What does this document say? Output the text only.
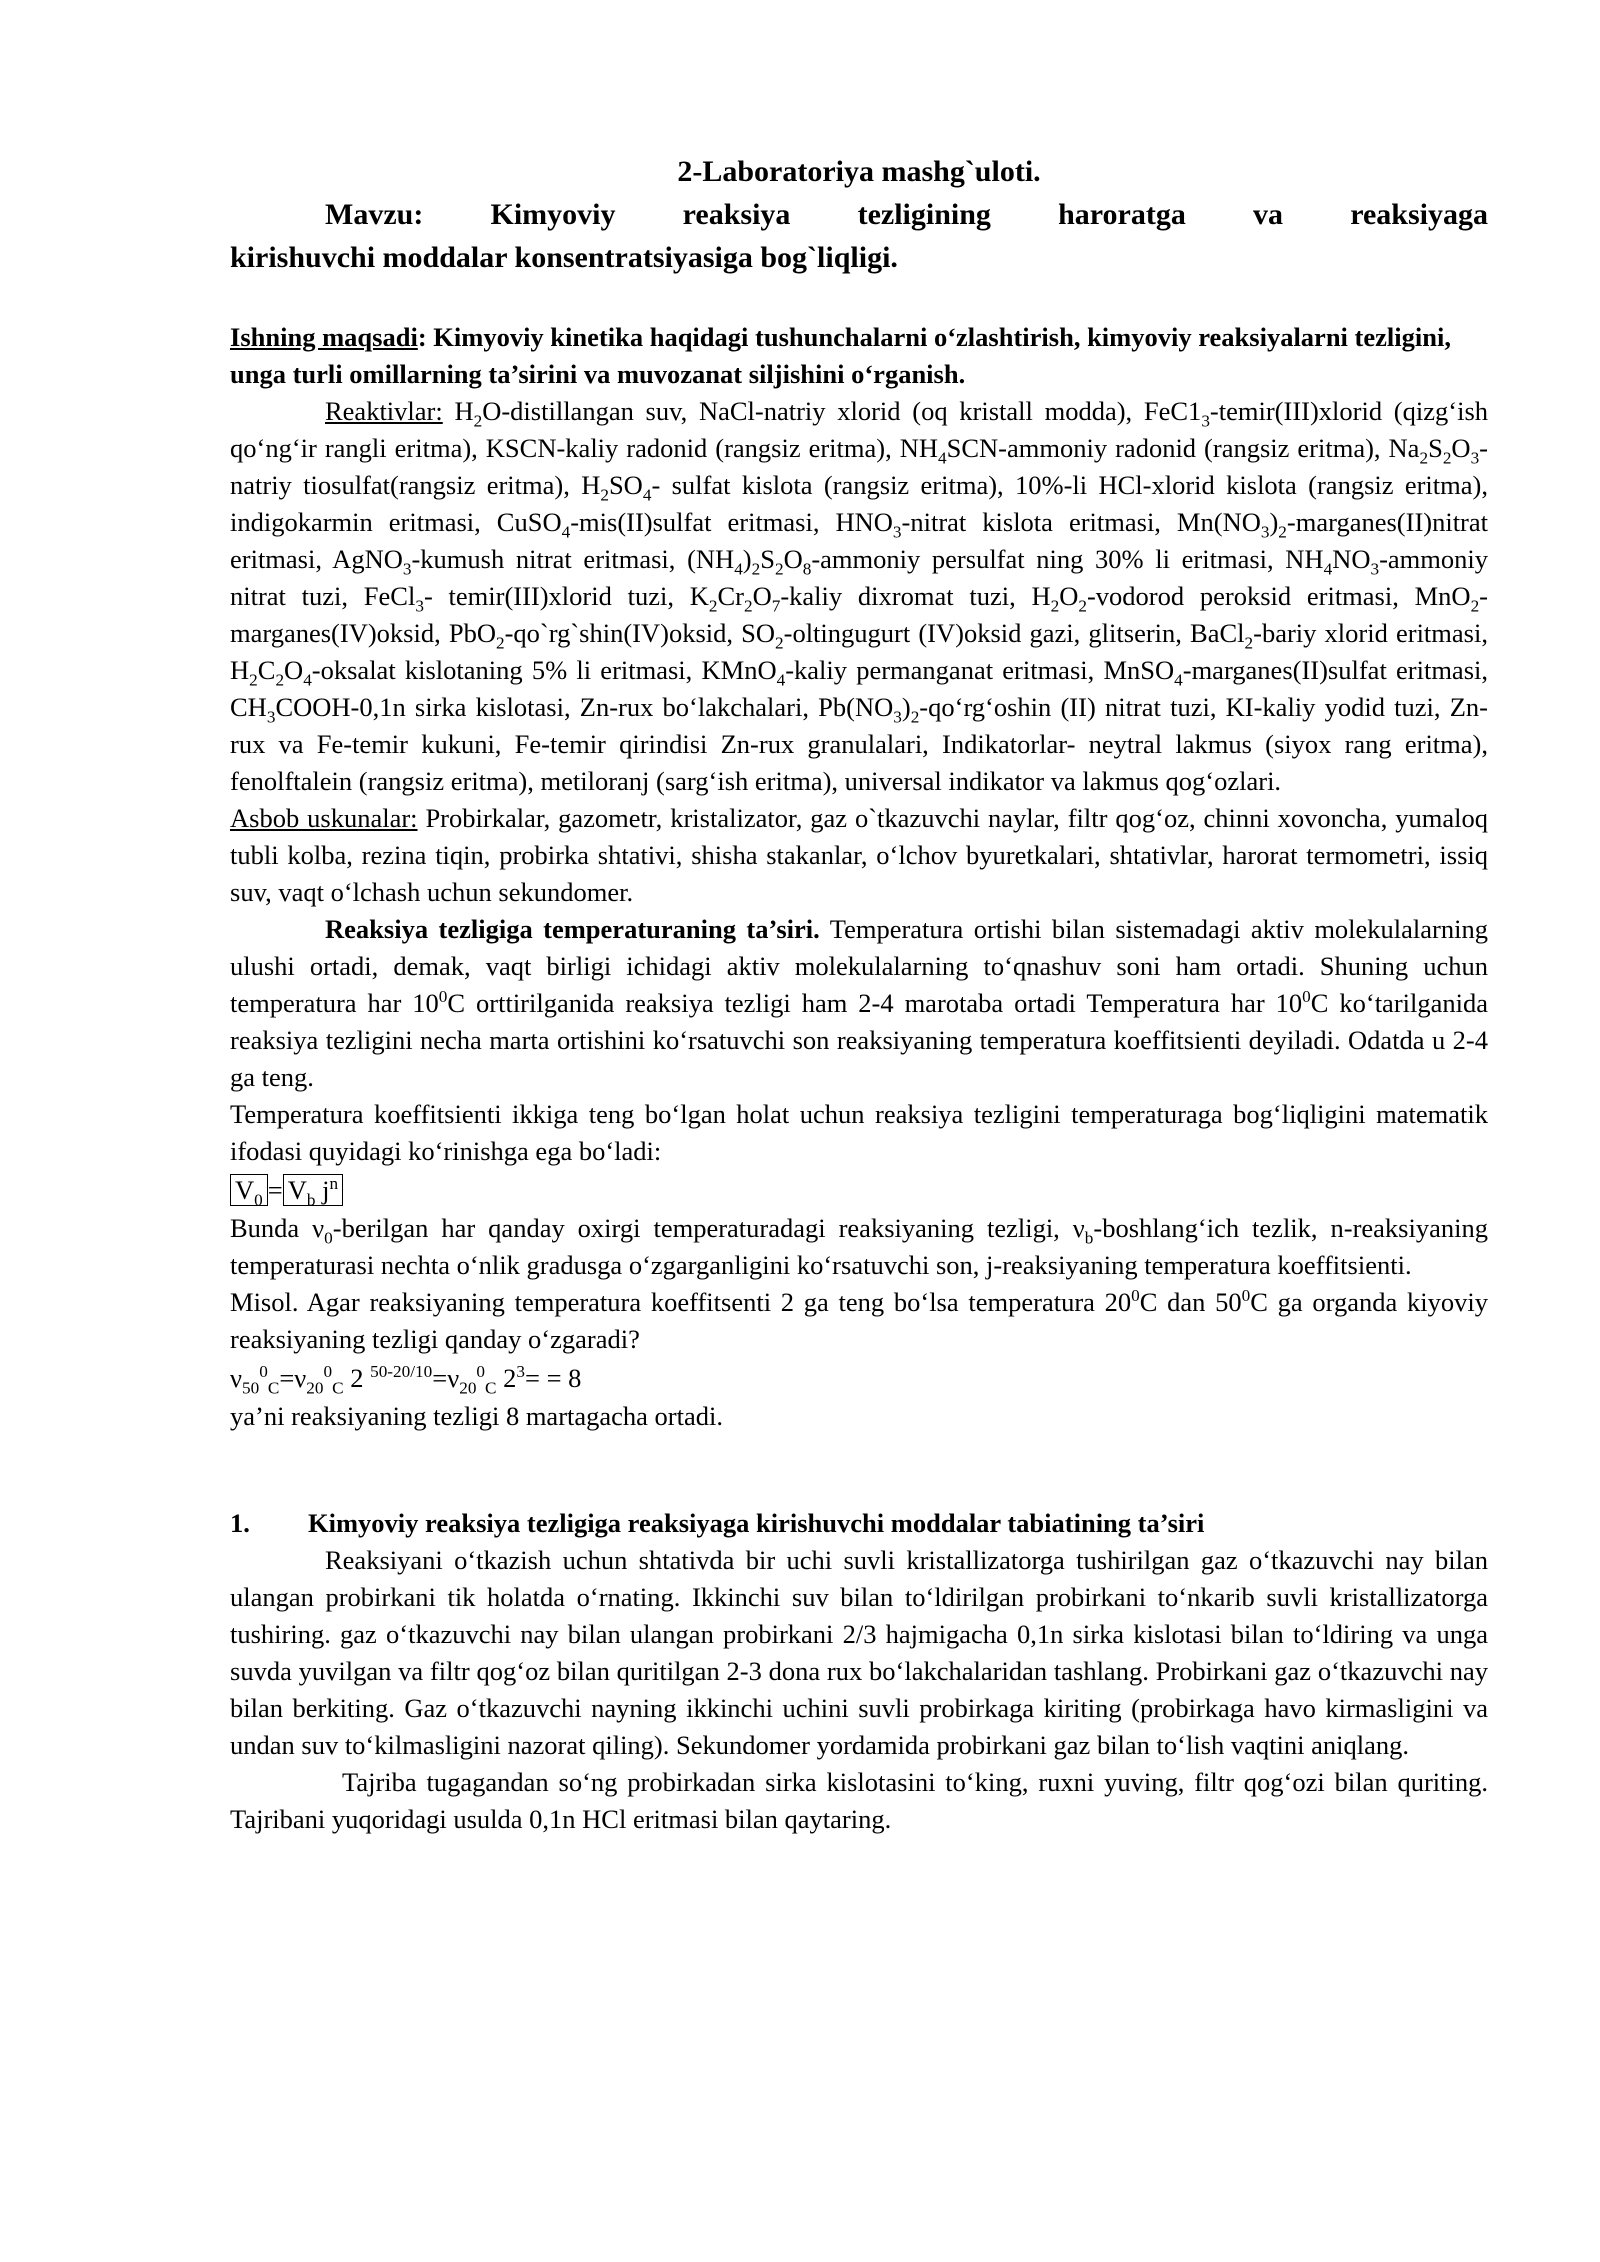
2-Laboratoriya mashg`uloti.

Mavzu: Kimyoviy reaksiya tezligining haroratga va reaksiyaga

kirishuvchi moddalar konsentratsiyasiga bog`liqligi.

Ishning maqsadi: Kimyoviy kinetika haqidagi tushunchalarni o‘zlashtirish, kimyoviy reaksiyalarni tezligini, unga turli omillarning ta’sirini va muvozanat siljishini o‘rganish.

Reaktivlar: $H_2O$-distillangan suv, NaCl-natriy xlorid (oq kristall modda), $FeC1_3-temir(III)xlorid$ (qizg‘ish qo‘ng‘ir rangli eritma), KSCN-kaliy radonid (rangsiz eritma), $NH_4SCN$-ammoniy radonid (rangsiz eritma), $Na_2S_2O_3$-natriy tiosulfat(rangsiz eritma), $H_2SO_4-$ sulfat kislota (rangsiz eritma), 10%-li HCl-xlorid kislota (rangsiz eritma), indigokarmin eritmasi, CuSO$_4$-mis(II)sulfat eritmasi, $HNO_3$-nitrat kislota eritmasi, $Mn(NO_3)_2-marganes(II)nitrat$ eritmasi, AgNO$_3$-kumush nitrat eritmasi, $(NH_4)_2S_2O_8$-ammoniy persulfat ning 30% li eritmasi, $NH_4NO_3$-ammoniy nitrat tuzi, FeCl$_3$- temir(III)xlorid tuzi, $K_2Cr_2O_7$-kaliy dixromat tuzi, $H_2O_2$-vodorod peroksid eritmasi, MnO$_2$-marganes(IV)oksid, PbO$_2$-qo`rg`shin(IV)oksid, $SO_2$-oltingugurt (IV)oksid gazi, glitserin, BaCl$_2$-bariy xlorid eritmasi, $H_2C_2O_4$-oksalat kislotaning 5% li eritmasi, KMnO$_4$-kaliy permanganat eritmasi, MnSO$_4$-marganes(II)sulfat eritmasi, $CH_3COOH-0,1n$ sirka kislotasi, Zn-rux bo‘lakchalari, $Pb(NO_3)_2-qo‘rg‘oshin$ (II) nitrat tuzi, KI-kaliy yodid tuzi, Zn-rux va Fe-temir kukuni, Fe-temir qirindisi Zn-rux granulalari, Indikatorlar- neytral lakmus (siyox rang eritma), fenolftalein (rangsiz eritma), metiloranj (sarg‘ish eritma), universal indikator va lakmus qog‘ozlari.

Asbob uskunalar: Probirkalar, gazometr, kristalizator, gaz o`tkazuvchi naylar, filtr qog‘oz, chinni xovoncha, yumaloq tubli kolba, rezina tiqin, probirka shtativi, shisha stakanlar, o‘lchov byuretkalari, shtativlar, harorat termometri, issiq suv, vaqt o‘lchash uchun sekundomer.

Reaksiya tezligiga temperaturaning ta’siri. Temperatura ortishi bilan sistemadagi aktiv molekulalarning ulushi ortadi, demak, vaqt birligi ichidagi aktiv molekulalarning to‘qnashuv soni ham ortadi. Shuning uchun temperatura har $10^0C$ orttirilganida reaksiya tezligi ham 2-4 marotaba ortadi Temperatura har $10^0C$ ko‘tarilganida reaksiya tezligini necha marta ortishini ko‘rsatuvchi son reaksiyaning temperatura koeffitsienti deyiladi. Odatda u 2-4 ga teng.

Temperatura koeffitsienti ikkiga teng bo‘lgan holat uchun reaksiya tezligini temperaturaga bog‘liqligini matematik ifodasi quyidagi ko‘rinishga ega bo‘ladi:

$V_0 = V_b$ $j^n$

Bunda $\nu_0$-berilgan har qanday oxirgi temperaturadagi reaksiyaning tezligi, $\nu_b-boshlang‘ich$ tezlik, n-reaksiyaning temperaturasi nechta o‘nlik gradusga o‘zgarganligini ko‘rsatuvchi son, j-reaksiyaning temperatura koeffitsienti.

Misol. Agar reaksiyaning temperatura koeffitsenti 2 ga teng bo‘lsa temperatura $20^0C$ dan $50^0C$ ga organda kiyoviy reaksiyaning tezligi qanday o‘zgaradi?

$\nu_{50}^0_C=\nu_{20}^0_C$ 2 $^{50-20/10}=\nu_{20}^0_C$ $2^3= = 8$

ya’ni reaksiyaning tezligi 8 martagacha ortadi.

1.	Kimyoviy reaksiya tezligiga reaksiyaga kirishuvchi moddalar tabiatining ta’siri

Reaksiyani o‘tkazish uchun shtativda bir uchi suvli kristallizatorga tushirilgan gaz o‘tkazuvchi nay bilan ulangan probirkani tik holatda o‘rnating. Ikkinchi suv bilan to‘ldirilgan probirkani to‘nkarib suvli kristallizatorga tushiring. gaz o‘tkazuvchi nay bilan ulangan probirkani 2/3 hajmigacha 0,1n sirka kislotasi bilan to‘ldiring va unga suvda yuvilgan va filtr qog‘oz bilan quritilgan 2-3 dona rux bo‘lakchalaridan tashlang. Probirkani gaz o‘tkazuvchi nay bilan berkiting. Gaz o‘tkazuvchi nayning ikkinchi uchini suvli probirkaga kiriting (probirkaga havo kirmasligini va undan suv to‘kilmasligini nazorat qiling). Sekundomer yordamida probirkani gaz bilan to‘lish vaqtini aniqlang.

Tajriba tugagandan so‘ng probirkadan sirka kislotasini to‘king, ruxni yuving, filtr qog‘ozi bilan quriting. Tajribani yuqoridagi usulda 0,1n HCl eritmasi bilan qaytaring.
